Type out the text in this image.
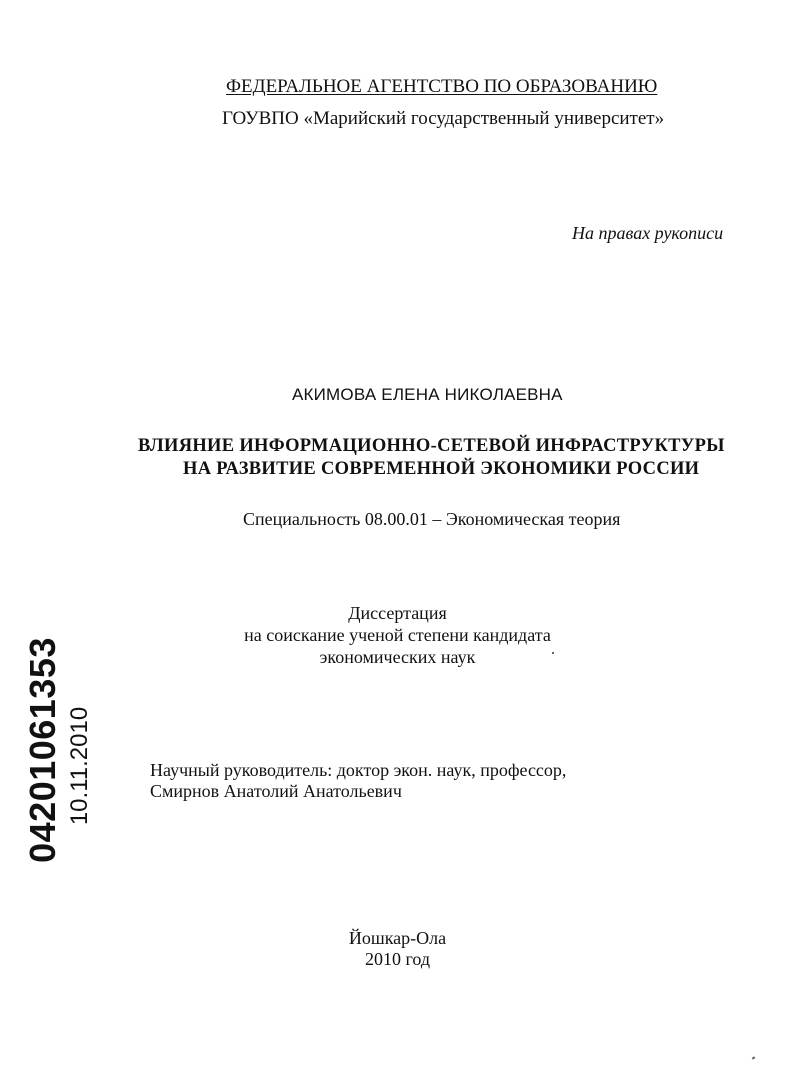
ФЕДЕРАЛЬНОЕ АГЕНТСТВО ПО ОБРАЗОВАНИЮ
ГОУВПО «Марийский государственный университет»
На правах рукописи
АКИМОВА ЕЛЕНА НИКОЛАЕВНА
ВЛИЯНИЕ ИНФОРМАЦИОННО-СЕТЕВОЙ ИНФРАСТРУКТУРЫ
НА РАЗВИТИЕ СОВРЕМЕННОЙ ЭКОНОМИКИ РОССИИ
Специальность 08.00.01 – Экономическая теория
Диссертация
на соискание ученой степени кандидата
экономических наук
Научный руководитель: доктор экон. наук, профессор,
Смирнов Анатолий Анатольевич
Йошкар-Ола
2010 год
04201061353 10.11.2010
